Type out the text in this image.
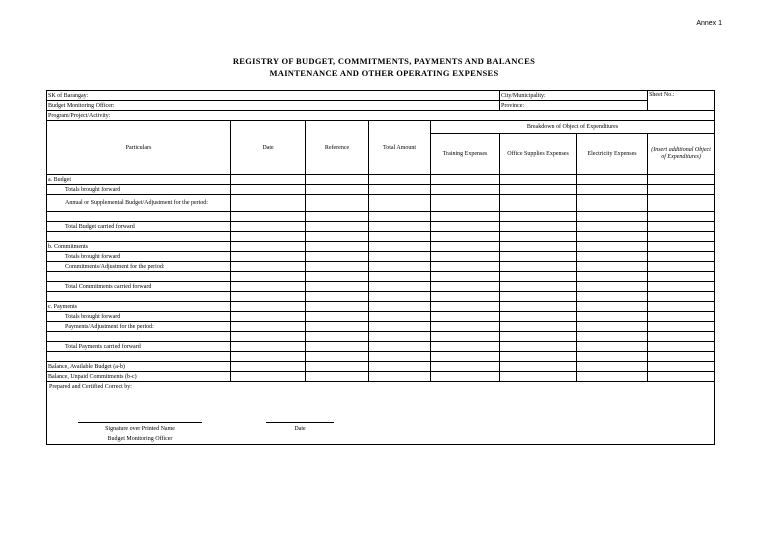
Annex 1
REGISTRY OF BUDGET, COMMITMENTS, PAYMENTS AND BALANCES
MAINTENANCE AND OTHER OPERATING EXPENSES
SK of Barangay:					City/Municipality:		Sheet No.:
Budget Monitoring Officer:					Province:		
Program/Project/Activity:							
Particulars	Date	Reference	Total Amount	Breakdown of Object of Expenditures			
				Training Expenses	Office Supplies Expenses	Electricity Expenses	(Insert additional Object of Expenditures)
a. Budget							
Totals brought forward							
Annual or Supplemental Budget/Adjustment for the period:							

Total Budget carried forward							

b. Commitments							
Totals brought forward							
Commitments/Adjustment for the period:							

Total Commitments carried forward							

c. Payments							
Totals brought forward							
Payments/Adjustment for the period:							

Total Payments carried forward							

Balance, Available Budget (a-b)							
Balance, Unpaid Commitments (b-c)							

Prepared and Certified Correct by:
Signature over Printed Name
Budget Monitoring Officer
Date							
